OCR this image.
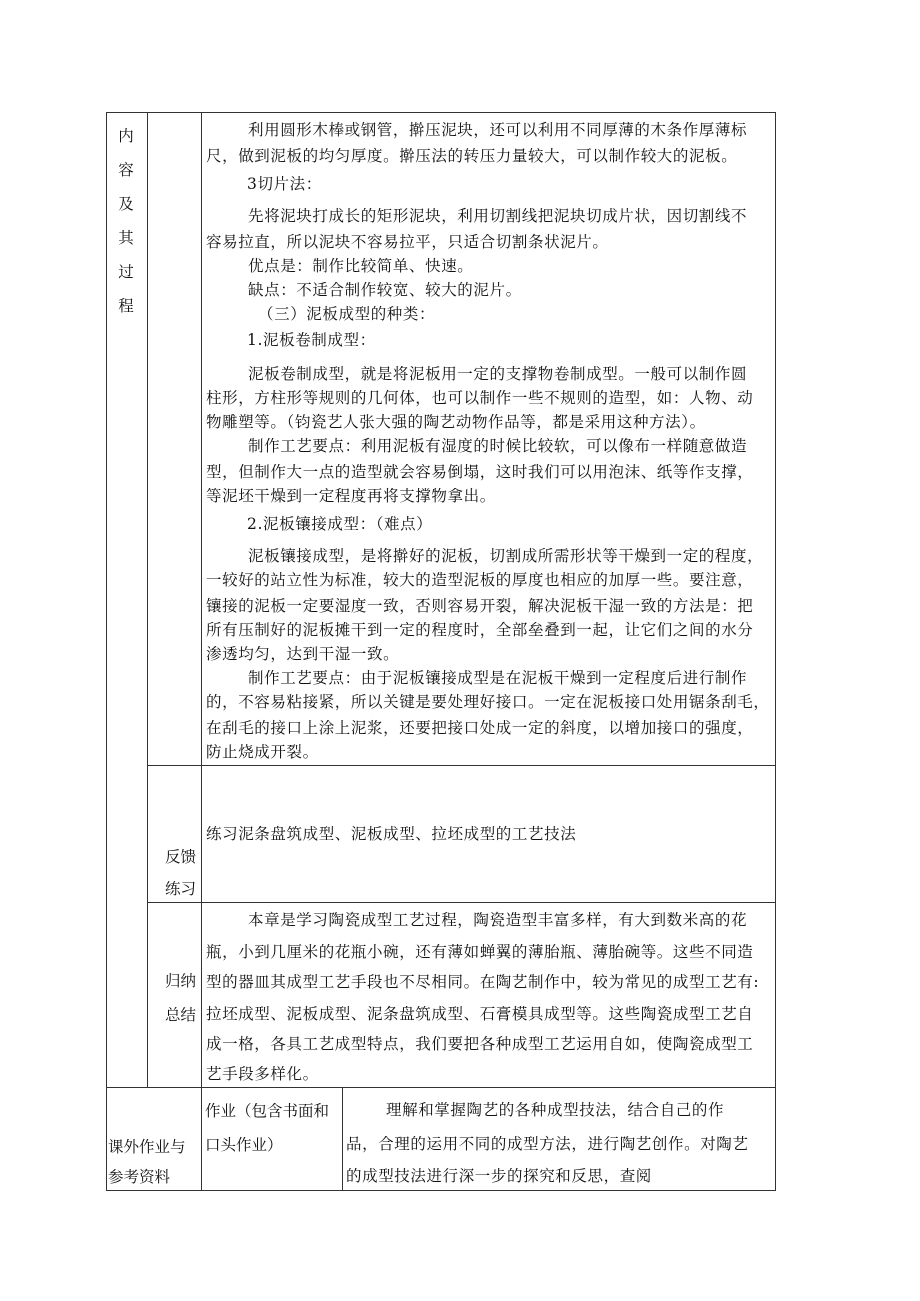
内
容
及
其
过
程
利用圆形木棒或钢管，擀压泥块，还可以利用不同厚薄的木条作厚薄标
尺，做到泥板的均匀厚度。擀压法的转压力量较大，可以制作较大的泥板。
3切片法：
先将泥块打成长的矩形泥块，利用切割线把泥块切成片状，因切割线不
容易拉直，所以泥块不容易拉平，只适合切割条状泥片。
优点是：制作比较简单、快速。
缺点：不适合制作较宽、较大的泥片。
（三）泥板成型的种类：
1.泥板卷制成型：
泥板卷制成型，就是将泥板用一定的支撑物卷制成型。一般可以制作圆
柱形，方柱形等规则的几何体，也可以制作一些不规则的造型，如：人物、动
物雕塑等。（钧瓷艺人张大强的陶艺动物作品等，都是采用这种方法）。
制作工艺要点：利用泥板有湿度的时候比较软，可以像布一样随意做造
型，但制作大一点的造型就会容易倒塌，这时我们可以用泡沫、纸等作支撑，
等泥坯干燥到一定程度再将支撑物拿出。
2.泥板镶接成型：（难点）
泥板镶接成型，是将擀好的泥板，切割成所需形状等干燥到一定的程度，
一较好的站立性为标准，较大的造型泥板的厚度也相应的加厚一些。要注意，
镶接的泥板一定要湿度一致，否则容易开裂，解决泥板干湿一致的方法是：把
所有压制好的泥板摊干到一定的程度时，全部垒叠到一起，让它们之间的水分
渗透均匀，达到干湿一致。
制作工艺要点：由于泥板镶接成型是在泥板干燥到一定程度后进行制作
的，不容易粘接紧，所以关键是要处理好接口。一定在泥板接口处用锯条刮毛，
在刮毛的接口上涂上泥浆，还要把接口处成一定的斜度，以增加接口的强度，
防止烧成开裂。
反馈
练习
练习泥条盘筑成型、泥板成型、拉坯成型的工艺技法
归纳
总结
本章是学习陶瓷成型工艺过程，陶瓷造型丰富多样，有大到数米高的花
瓶，小到几厘米的花瓶小碗，还有薄如蝉翼的薄胎瓶、薄胎碗等。这些不同造
型的器皿其成型工艺手段也不尽相同。在陶艺制作中，较为常见的成型工艺有:
拉坯成型、泥板成型、泥条盘筑成型、石膏模具成型等。这些陶瓷成型工艺自
成一格，各具工艺成型特点，我们要把各种成型工艺运用自如，使陶瓷成型工
艺手段多样化。
课外作业与
参考资料
作业（包含书面和
口头作业）
理解和掌握陶艺的各种成型技法，结合自己的作
品，合理的运用不同的成型方法，进行陶艺创作。对陶艺
的成型技法进行深一步的探究和反思，查阅
